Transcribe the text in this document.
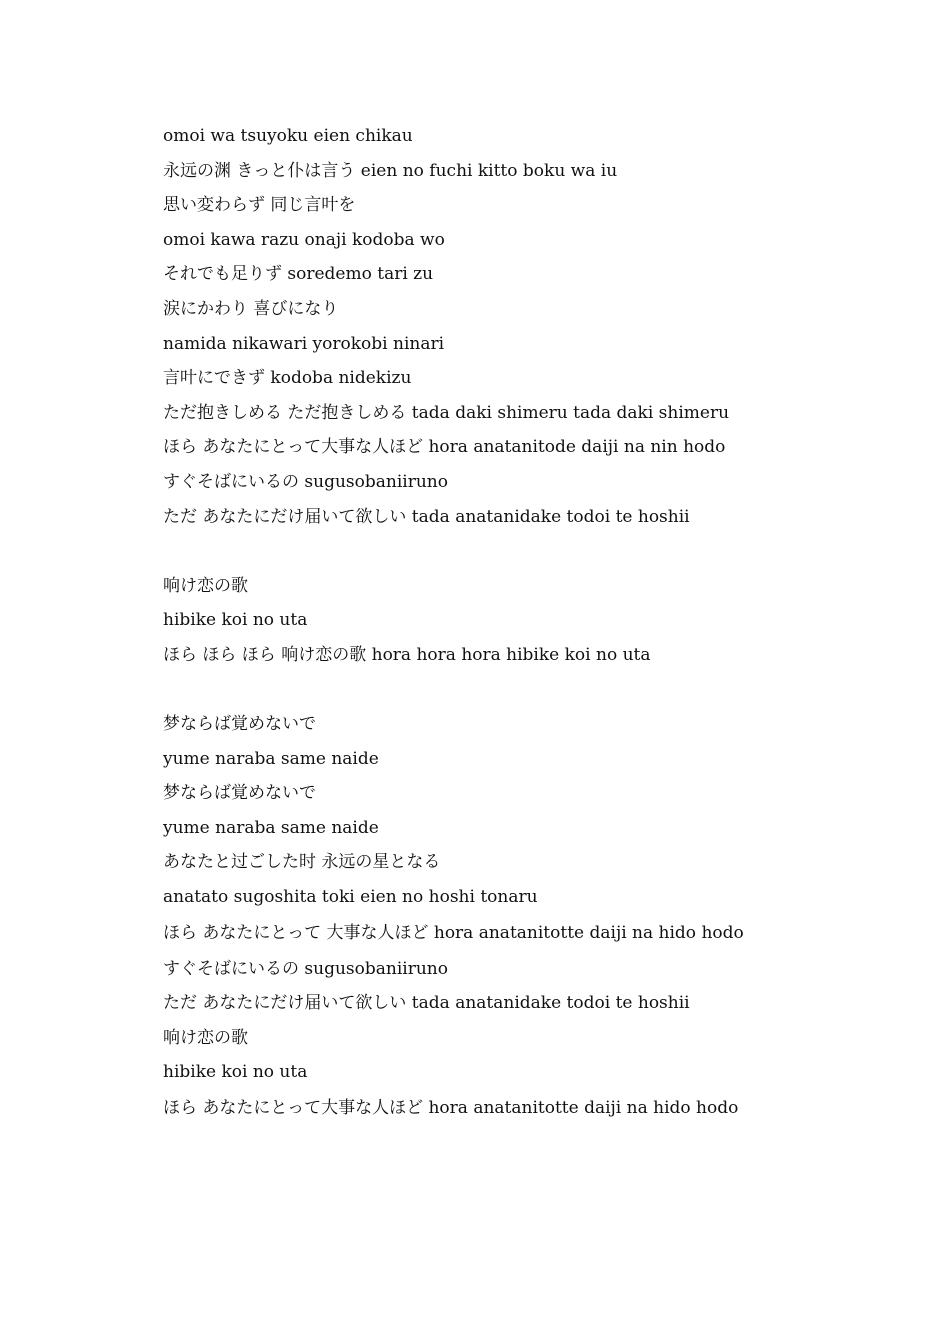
omoi wa tsuyoku eien chikau
永远の渊 きっと仆は言う eien no fuchi kitto boku wa iu
思い変わらず 同じ言叶を
omoi kawa razu onaji kodoba wo
それでも足りず soredemo tari zu
涙にかわり 喜びになり
namida nikawari yorokobi ninari
言叶にできず kodoba nidekizu
ただ抱きしめる ただ抱きしめる tada daki shimeru tada daki shimeru
ほら あなたにとって大事な人ほど hora anatanitode daiji na nin hodo
すぐそばにいるの sugusobaniiruno
ただ あなたにだけ届いて欲しい tada anatanidake todoi te hoshii
响け恋の歌
hibike koi no uta
ほら ほら ほら 响け恋の歌 hora hora hora hibike koi no uta
梦ならば覚めないで
yume naraba same naide
梦ならば覚めないで
yume naraba same naide
あなたと过ごした时 永远の星となる
anatato sugoshita toki eien no hoshi tonaru
ほら あなたにとって 大事な人ほど hora anatanitotte daiji na hido hodo
すぐそばにいるの sugusobaniiruno
ただ あなたにだけ届いて欲しい tada anatanidake todoi te hoshii
响け恋の歌
hibike koi no uta
ほら あなたにとって大事な人ほど hora anatanitotte daiji na hido hodo
